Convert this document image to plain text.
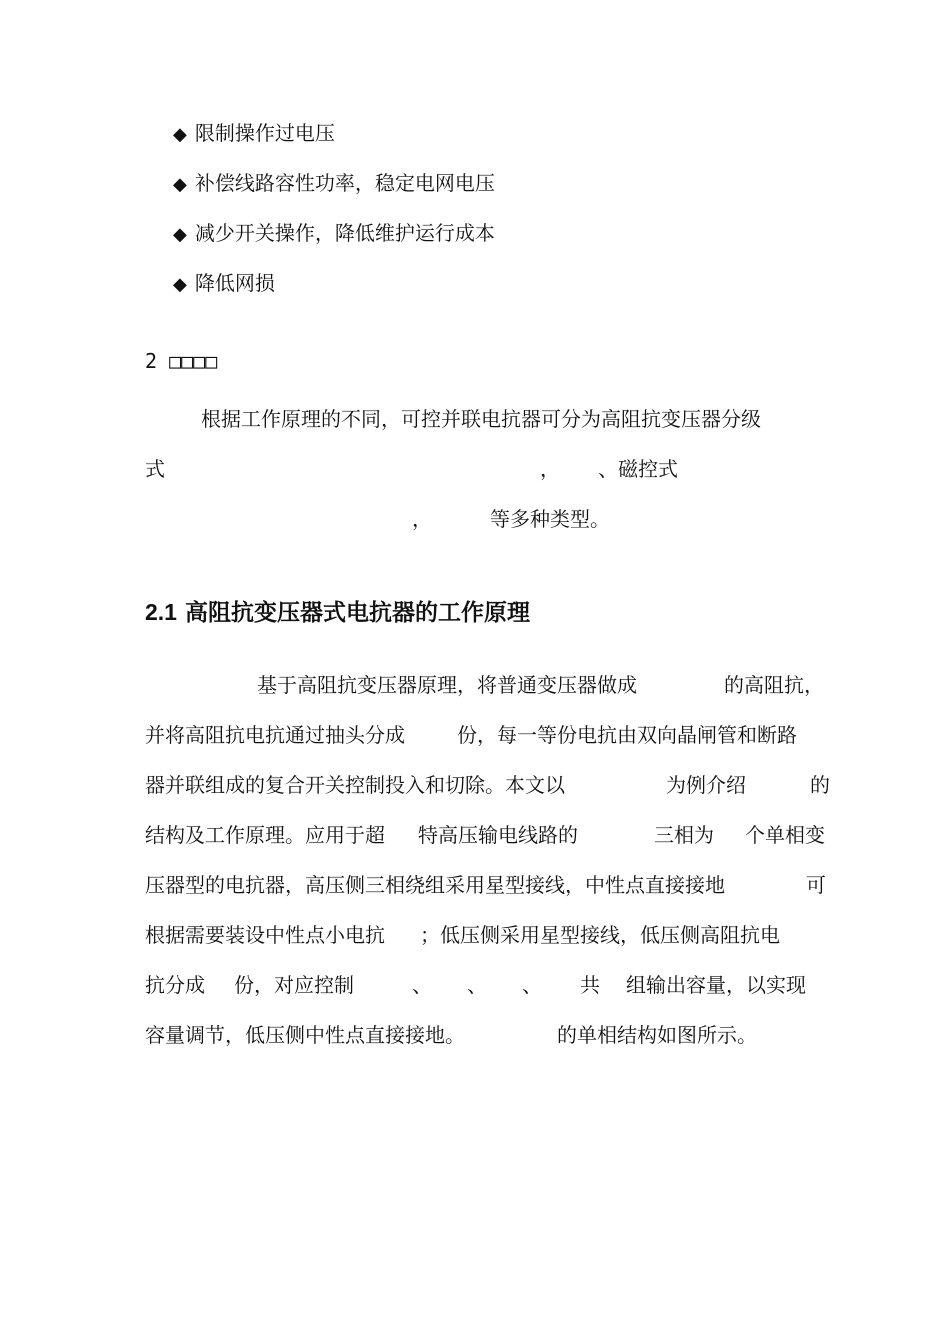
◆ 限制操作过电压
◆ 补偿线路容性功率，稳定电网电压
◆ 减少开关操作，降低维护运行成本
◆ 降低网损
2 □□□□
根据工作原理的不同，可控并联电抗器可分为高阻抗变压器分级
式	， 、磁控式
，	等多种类型。
2.1 高阻抗变压器式电抗器的工作原理
基于高阻抗变压器原理，将普通变压器做成	的高阻抗，
并将高阻抗电抗通过抽头分成	份，每一等份电抗由双向晶闸管和断路
器并联组成的复合开关控制投入和切除。本文以	为例介绍	的
结构及工作原理。应用于超 特高压输电线路的	三相为 个单相变
压器型的电抗器，高压侧三相绕组采用星型接线，中性点直接接地	可
根据需要装设中性点小电抗 ；低压侧采用星型接线，低压侧高阻抗电
抗分成 份，对应控制	、 、 、 共 组输出容量，以实现
容量调节，低压侧中性点直接接地。	的单相结构如图所示。
